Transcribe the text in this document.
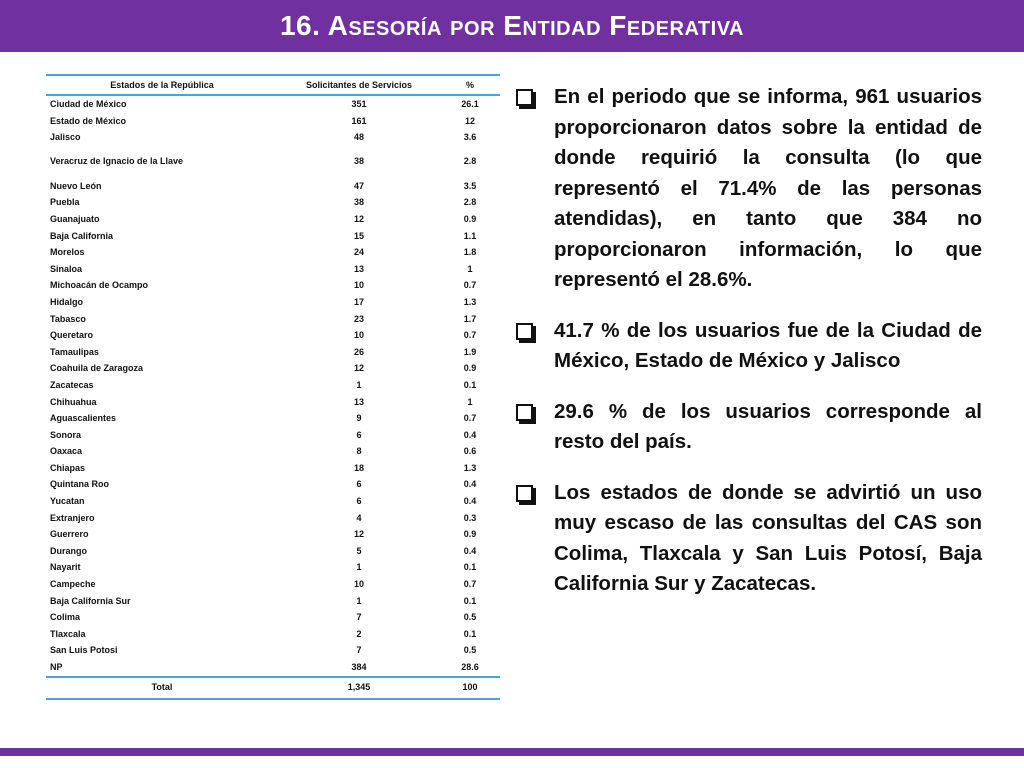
16. Asesoría por Entidad Federativa
Estados de la República	Solicitantes de Servicios	%
Ciudad de México	351	26.1
Estado de México	161	12
Jalisco	48	3.6
Veracruz de Ignacio de la Llave	38	2.8
Nuevo León	47	3.5
Puebla	38	2.8
Guanajuato	12	0.9
Baja California	15	1.1
Morelos	24	1.8
Sinaloa	13	1
Michoacán de Ocampo	10	0.7
Hidalgo	17	1.3
Tabasco	23	1.7
Queretaro	10	0.7
Tamaulipas	26	1.9
Coahuila de Zaragoza	12	0.9
Zacatecas	1	0.1
Chihuahua	13	1
Aguascalientes	9	0.7
Sonora	6	0.4
Oaxaca	8	0.6
Chiapas	18	1.3
Quintana Roo	6	0.4
Yucatan	6	0.4
Extranjero	4	0.3
Guerrero	12	0.9
Durango	5	0.4
Nayarit	1	0.1
Campeche	10	0.7
Baja California Sur	1	0.1
Colima	7	0.5
Tlaxcala	2	0.1
San Luis Potosi	7	0.5
NP	384	28.6
Total	1,345	100
En el periodo que se informa, 961 usuarios proporcionaron datos sobre la entidad de donde requirió la consulta (lo que representó el 71.4% de las personas atendidas), en tanto que 384 no proporcionaron información, lo que representó el 28.6%.
41.7 % de los usuarios fue de la Ciudad de México, Estado de México y Jalisco
29.6 % de los usuarios corresponde al resto del país.
Los estados de donde se advirtió un uso muy escaso de las consultas del CAS son Colima, Tlaxcala y San Luis Potosí, Baja California Sur y Zacatecas.
